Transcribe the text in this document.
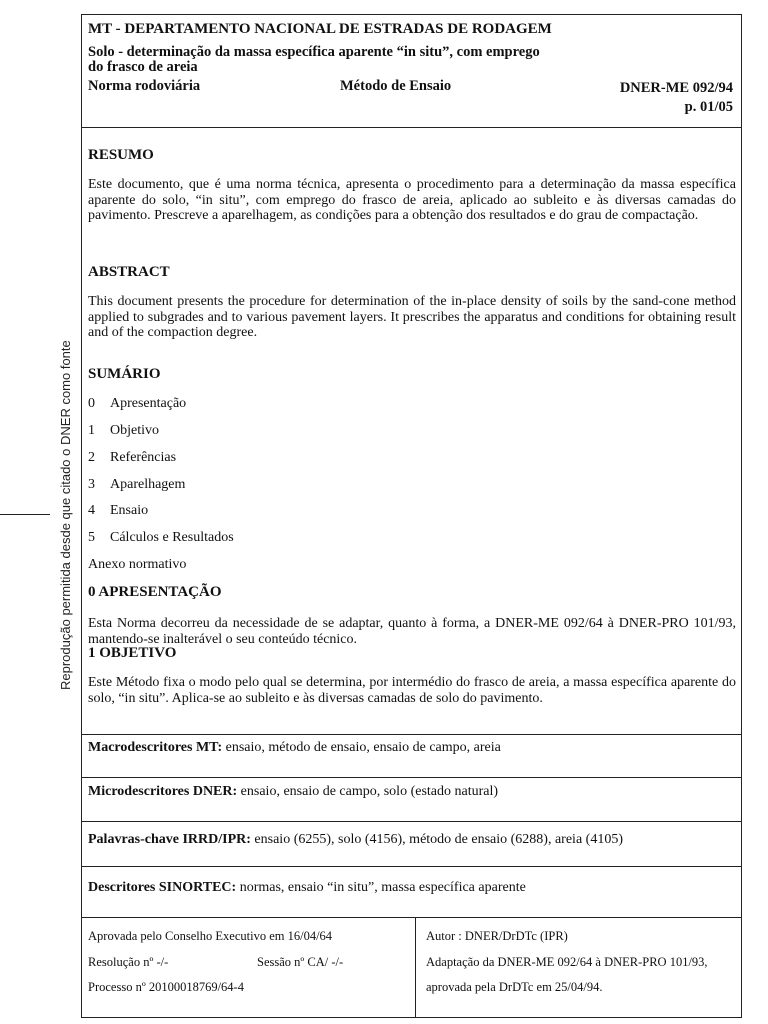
Reprodução permitida desde que citado o DNER como fonte
MT - DEPARTAMENTO NACIONAL DE ESTRADAS DE RODAGEM
Solo - determinação da massa específica aparente “in situ”, com emprego
do frasco de areia
Norma rodoviária	Método de Ensaio	DNER-ME 092/94
p. 01/05
RESUMO
Este documento, que é uma norma técnica, apresenta o procedimento para a determinação da massa específica aparente do solo, “in situ”, com emprego do frasco de areia, aplicado ao subleito e às diversas camadas do pavimento. Prescreve a aparelhagem, as condições para a obtenção dos resultados e do grau de compactação.
ABSTRACT
This document presents the procedure for determination of the in-place density of soils by the sand-cone method applied to subgrades and to various pavement layers. It prescribes the apparatus and conditions for obtaining result and of the compaction degree.
SUMÁRIO
0 Apresentação
1 Objetivo
2 Referências
3 Aparelhagem
4 Ensaio
5 Cálculos e Resultados
Anexo normativo
0 APRESENTAÇÃO
Esta Norma decorreu da necessidade de se adaptar, quanto à forma, a DNER-ME 092/64 à DNER-PRO 101/93, mantendo-se inalterável o seu conteúdo técnico.
1 OBJETIVO
Este Método fixa o modo pelo qual se determina, por intermédio do frasco de areia, a massa específica aparente do solo, “in situ”. Aplica-se ao subleito e às diversas camadas de solo do pavimento.
Macrodescritores MT: ensaio, método de ensaio, ensaio de campo, areia
Microdescritores DNER: ensaio, ensaio de campo, solo (estado natural)
Palavras-chave IRRD/IPR: ensaio (6255), solo (4156), método de ensaio (6288), areia (4105)
Descritores SINORTEC: normas, ensaio “in situ”, massa específica aparente
Aprovada pelo Conselho Executivo em 16/04/64
Resolução nº -/-	Sessão nº CA/ -/-
Processo nº 20100018769/64-4
Autor : DNER/DrDTc (IPR)
Adaptação da DNER-ME 092/64 à DNER-PRO 101/93,
aprovada pela DrDTc em 25/04/94.
